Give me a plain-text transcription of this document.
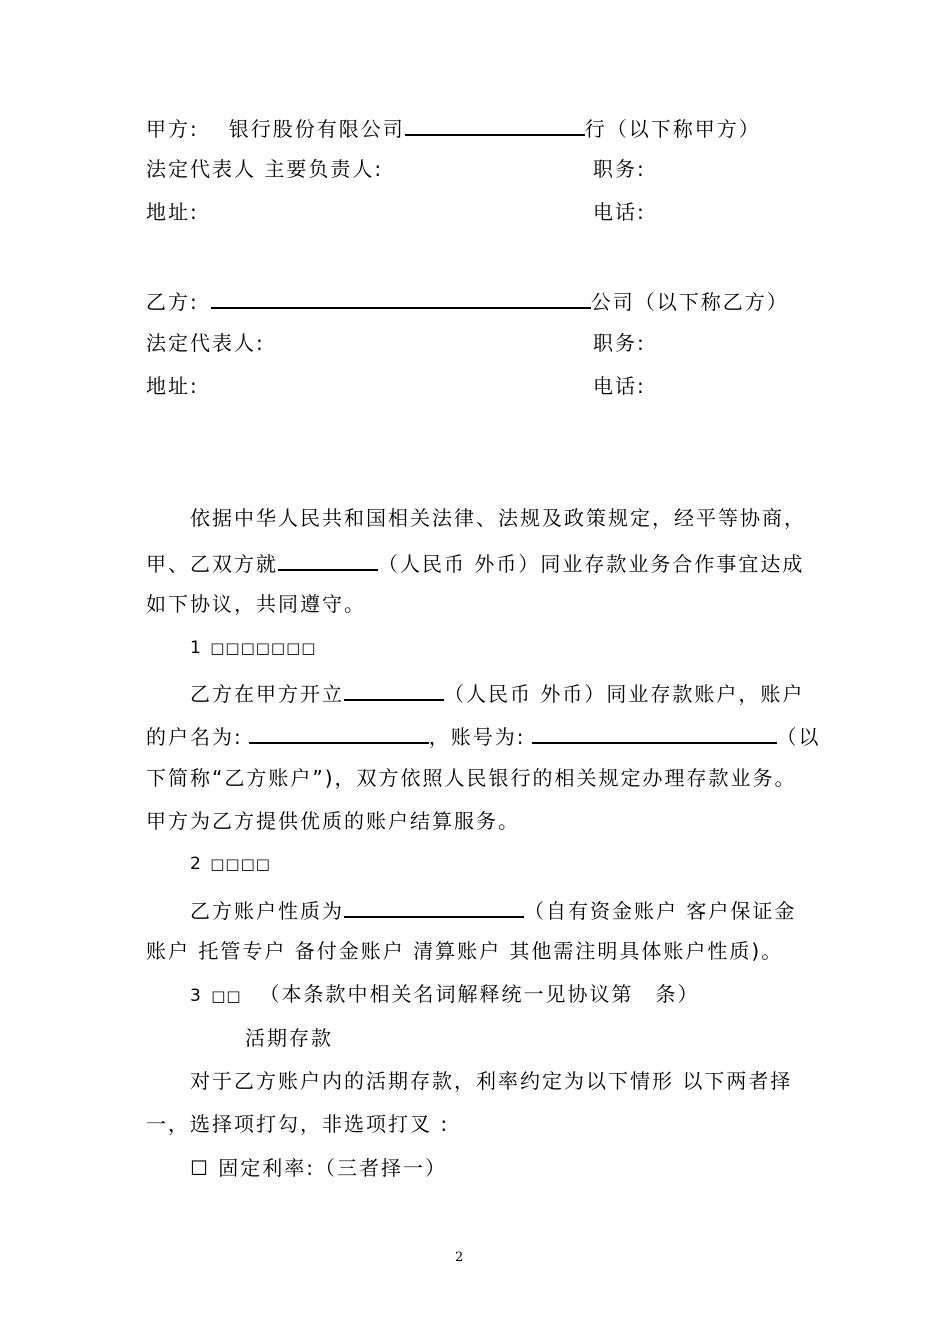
甲方: 银行股份有限公司	行（以下称甲方）
法定代表人 主要负责人:	职务:
地址:	电话:
乙方:	公司（以下称乙方）
法定代表人:	职务:
地址:	电话:
依据中华人民共和国相关法律、法规及政策规定，经平等协商，
甲、乙双方就	（人民币 外币）同业存款业务合作事宜达成
如下协议，共同遵守。
1 □□□□□□□
乙方在甲方开立	（人民币 外币）同业存款账户，账户
的户名为:	，账号为:	（以
下简称“乙方账户”)，双方依照人民银行的相关规定办理存款业务。
甲方为乙方提供优质的账户结算服务。
2 □□□□
乙方账户性质为	（自有资金账户 客户保证金
账户 托管专户 备付金账户 清算账户 其他需注明具体账户性质)。
3 □□ （本条款中相关名词解释统一见协议第　条）
活期存款
对于乙方账户内的活期存款，利率约定为以下情形 以下两者择
一，选择项打勾，非选项打叉 :
☐ 固定利率:（三者择一）
2
